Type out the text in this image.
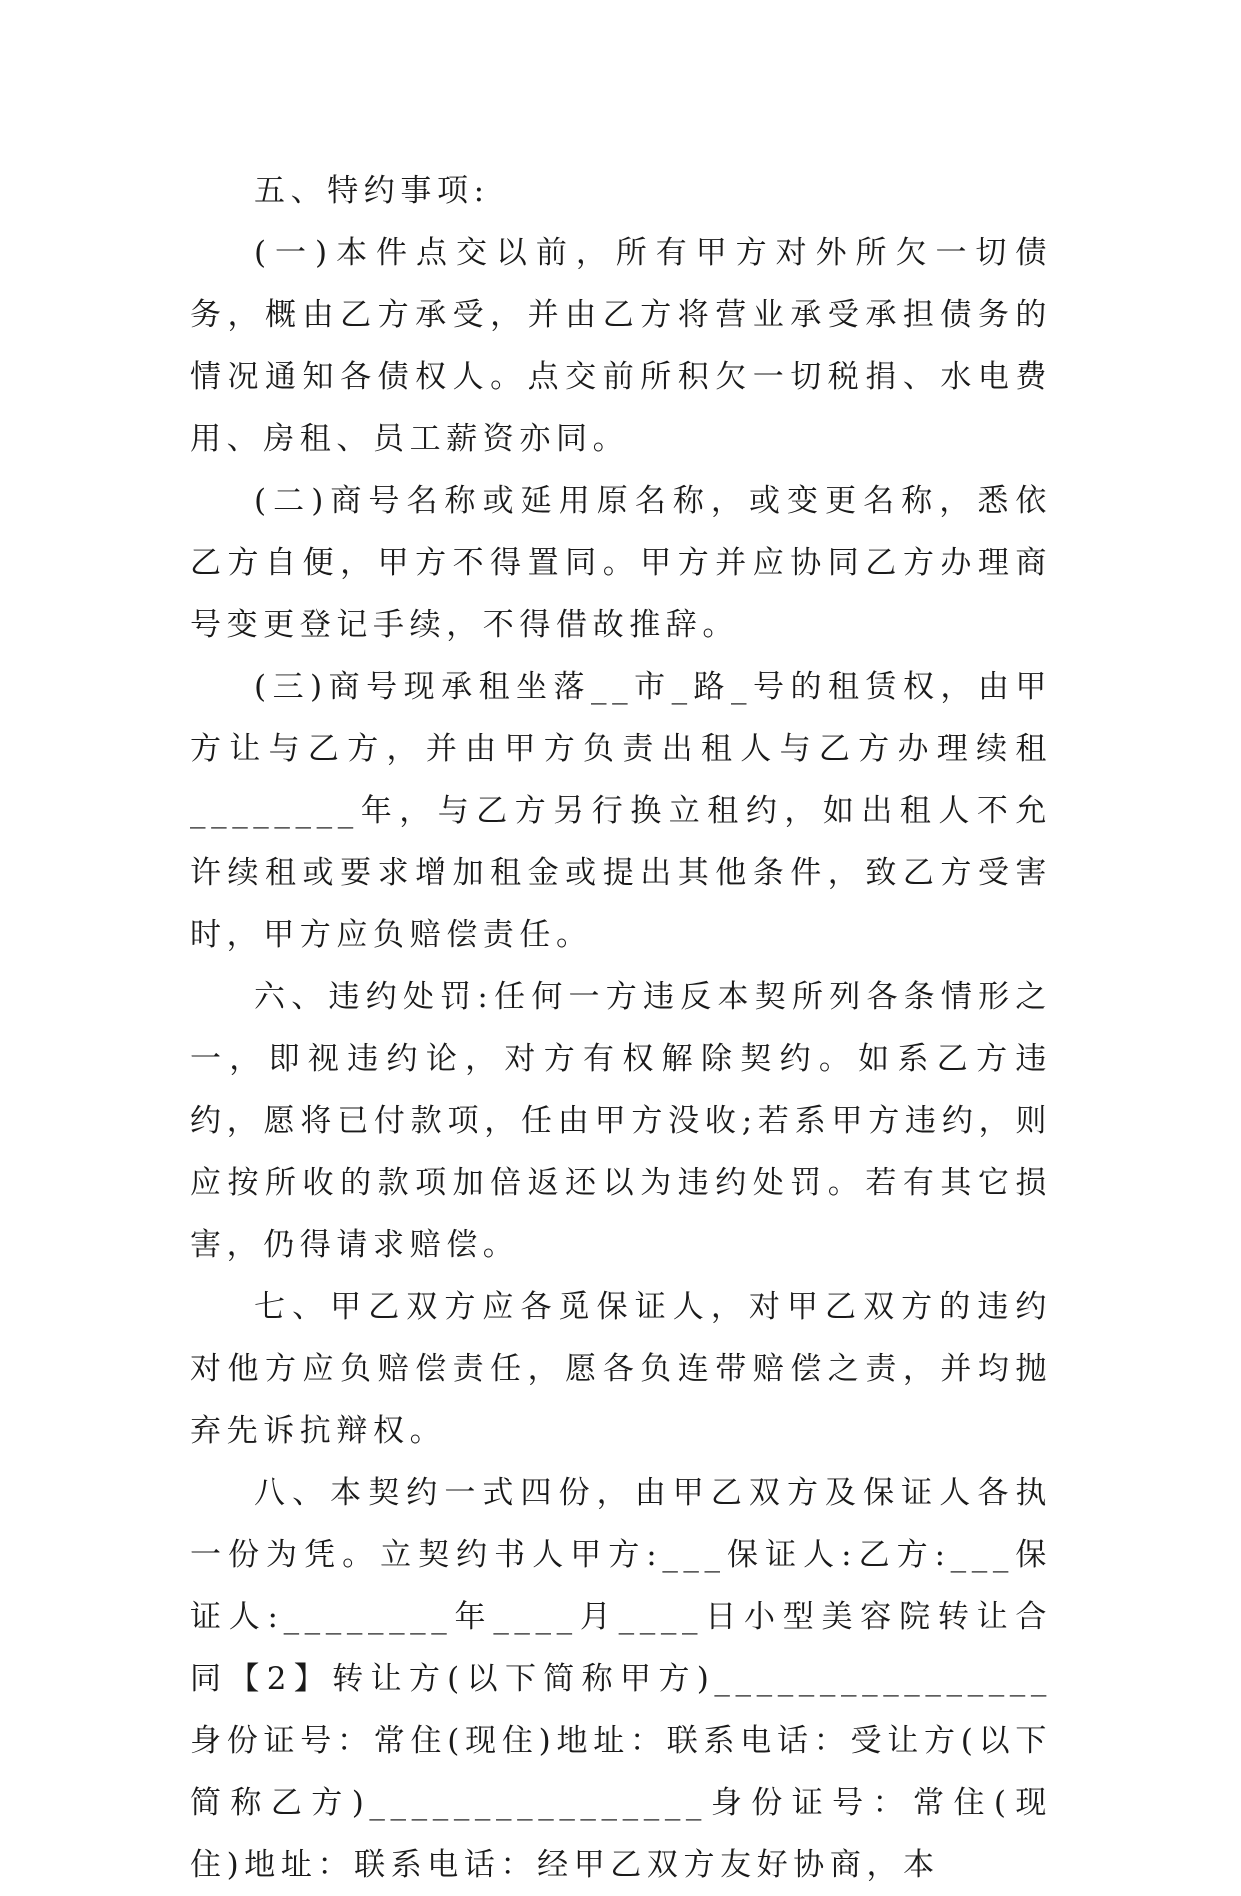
五、特约事项:

(一)本件点交以前，所有甲方对外所欠一切债务，概由乙方承受，并由乙方将营业承受承担债务的情况通知各债权人。点交前所积欠一切税捐、水电费用、房租、员工薪资亦同。

(二)商号名称或延用原名称，或变更名称，悉依乙方自便，甲方不得置同。甲方并应协同乙方办理商号变更登记手续，不得借故推辞。

(三)商号现承租坐落__市_路_号的租赁权，由甲方让与乙方，并由甲方负责出租人与乙方办理续租________年，与乙方另行换立租约，如出租人不允许续租或要求增加租金或提出其他条件，致乙方受害时，甲方应负赔偿责任。

六、违约处罚:任何一方违反本契所列各条情形之一，即视违约论，对方有权解除契约。如系乙方违约，愿将已付款项，任由甲方没收;若系甲方违约，则应按所收的款项加倍返还以为违约处罚。若有其它损害，仍得请求赔偿。

七、甲乙双方应各觅保证人，对甲乙双方的违约对他方应负赔偿责任，愿各负连带赔偿之责，并均抛弃先诉抗辩权。

八、本契约一式四份，由甲乙双方及保证人各执一份为凭。立契约书人甲方:___保证人:乙方:___保证人:________年____月____日小型美容院转让合同【2】转让方(以下简称甲方)________________身份证号：常住(现住)地址：联系电话：受让方(以下简称乙方)________________身份证号：常住(现住)地址：联系电话：经甲乙双方友好协商，本
